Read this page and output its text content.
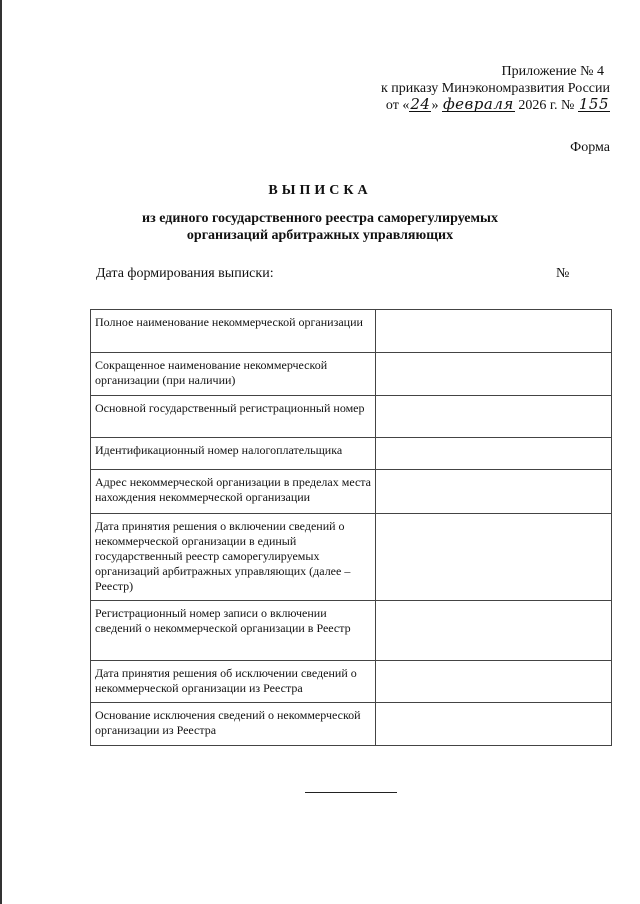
Приложение № 4
к приказу Минэкономразвития России
от «24» февраля 2026 г. № 155
Форма
ВЫПИСКА
из единого государственного реестра саморегулируемых организаций арбитражных управляющих
Дата формирования выписки:	№
Полное наименование некоммерческой организации	
Сокращенное наименование некоммерческой организации (при наличии)	
Основной государственный регистрационный номер	
Идентификационный номер налогоплательщика	
Адрес некоммерческой организации в пределах места нахождения некоммерческой организации	
Дата принятия решения о включении сведений о некоммерческой организации в единый государственный реестр саморегулируемых организаций арбитражных управляющих (далее – Реестр)	
Регистрационный номер записи о включении сведений о некоммерческой организации в Реестр	
Дата принятия решения об исключении сведений о некоммерческой организации из Реестра	
Основание исключения сведений о некоммерческой организации из Реестра	
